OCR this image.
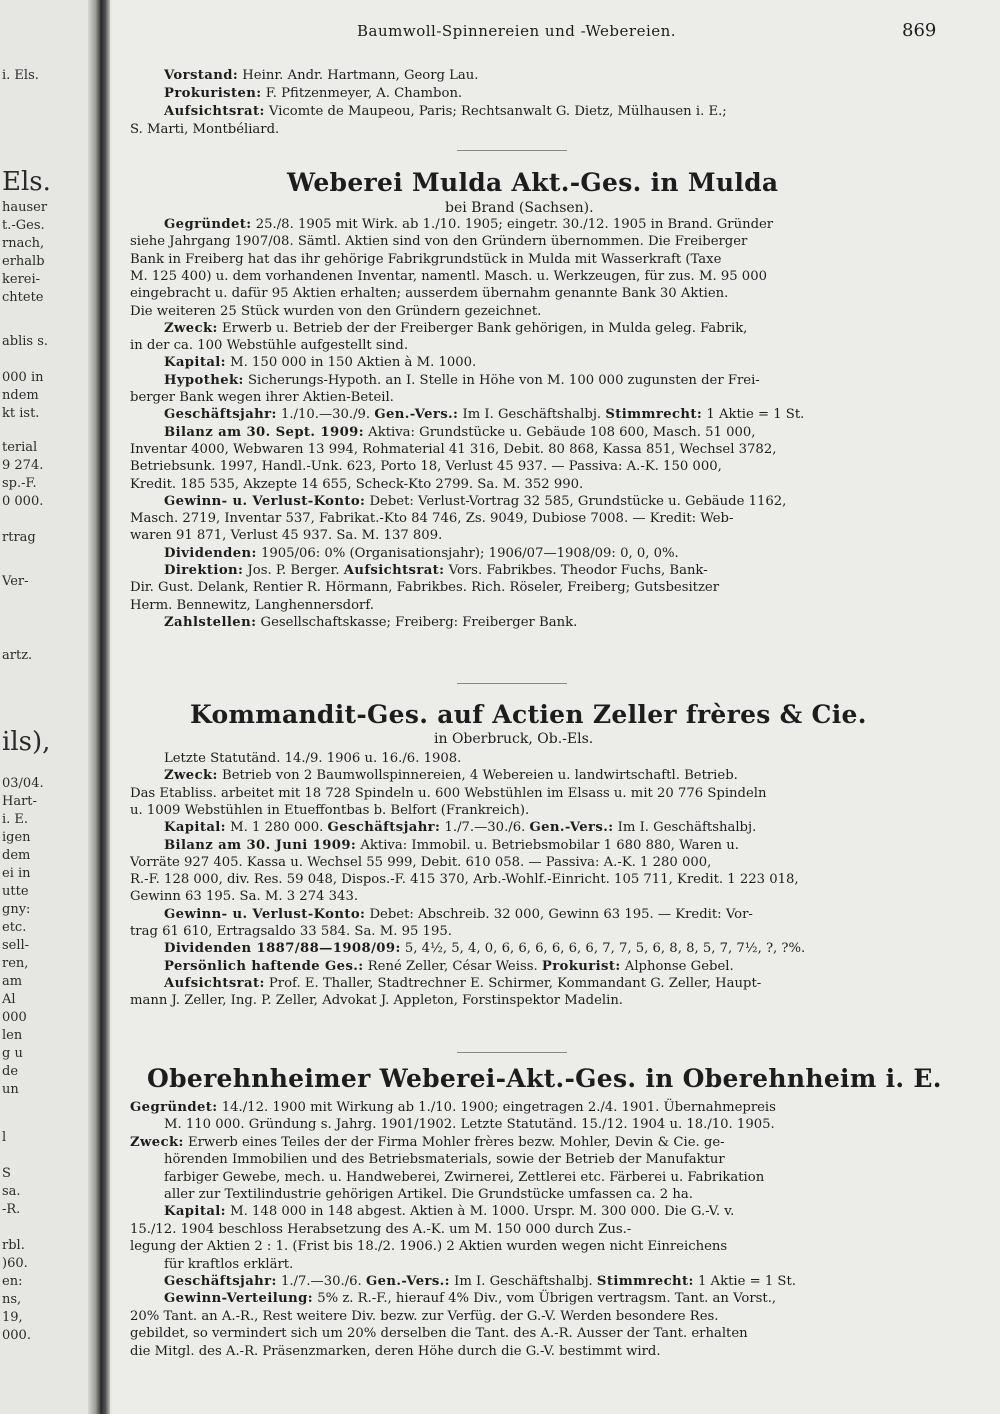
i. Els.
Els.
hauser
t.-Ges.
rnach,
erhalb
kerei-
chtete
ablis s.
000 in
ndem
kt ist.
terial
9 274.
sp.-F.
0 000.
rtrag
Ver-
artz.
ils),
03/04.
Hart-
i. E.
igen
dem
ei in
utte
gny:
etc.
sell-
ren,
am
Al
000
len
g u
de
un
l
S
sa.
-R.
rbl.
)60.
en:
ns,
19,
000.
Baumwoll-Spinnereien und -Webereien.	869
Vorstand: Heinr. Andr. Hartmann, Georg Lau.
Prokuristen: F. Pfitzenmeyer, A. Chambon.
Aufsichtsrat: Vicomte de Maupeou, Paris; Rechtsanwalt G. Dietz, Mülhausen i. E.;
S. Marti, Montbéliard.
Weberei Mulda Akt.-Ges. in Mulda
bei Brand (Sachsen).
Gegründet: 25./8. 1905 mit Wirk. ab 1./10. 1905; eingetr. 30./12. 1905 in Brand. Gründer
siehe Jahrgang 1907/08. Sämtl. Aktien sind von den Gründern übernommen. Die Freiberger
Bank in Freiberg hat das ihr gehörige Fabrikgrundstück in Mulda mit Wasserkraft (Taxe
M. 125 400) u. dem vorhandenen Inventar, namentl. Masch. u. Werkzeugen, für zus. M. 95 000
eingebracht u. dafür 95 Aktien erhalten; ausserdem übernahm genannte Bank 30 Aktien.
Die weiteren 25 Stück wurden von den Gründern gezeichnet.
Zweck: Erwerb u. Betrieb der der Freiberger Bank gehörigen, in Mulda geleg. Fabrik,
in der ca. 100 Webstühle aufgestellt sind.
Kapital: M. 150 000 in 150 Aktien à M. 1000.
Hypothek: Sicherungs-Hypoth. an I. Stelle in Höhe von M. 100 000 zugunsten der Frei-
berger Bank wegen ihrer Aktien-Beteil.
Geschäftsjahr: 1./10.—30./9. Gen.-Vers.: Im I. Geschäftshalbj. Stimmrecht: 1 Aktie = 1 St.
Bilanz am 30. Sept. 1909: Aktiva: Grundstücke u. Gebäude 108 600, Masch. 51 000,
Inventar 4000, Webwaren 13 994, Rohmaterial 41 316, Debit. 80 868, Kassa 851, Wechsel 3782,
Betriebsunk. 1997, Handl.-Unk. 623, Porto 18, Verlust 45 937. — Passiva: A.-K. 150 000,
Kredit. 185 535, Akzepte 14 655, Scheck-Kto 2799. Sa. M. 352 990.
Gewinn- u. Verlust-Konto: Debet: Verlust-Vortrag 32 585, Grundstücke u. Gebäude 1162,
Masch. 2719, Inventar 537, Fabrikat.-Kto 84 746, Zs. 9049, Dubiose 7008. — Kredit: Web-
waren 91 871, Verlust 45 937. Sa. M. 137 809.
Dividenden: 1905/06: 0% (Organisationsjahr); 1906/07—1908/09: 0, 0, 0%.
Direktion: Jos. P. Berger. Aufsichtsrat: Vors. Fabrikbes. Theodor Fuchs, Bank-
Dir. Gust. Delank, Rentier R. Hörmann, Fabrikbes. Rich. Röseler, Freiberg; Gutsbesitzer
Herm. Bennewitz, Langhennersdorf.
Zahlstellen: Gesellschaftskasse; Freiberg: Freiberger Bank.
Kommandit-Ges. auf Actien Zeller frères & Cie.
in Oberbruck, Ob.-Els.
Letzte Statutänd. 14./9. 1906 u. 16./6. 1908.
Zweck: Betrieb von 2 Baumwollspinnereien, 4 Webereien u. landwirtschaftl. Betrieb.
Das Etabliss. arbeitet mit 18 728 Spindeln u. 600 Webstühlen im Elsass u. mit 20 776 Spindeln
u. 1009 Webstühlen in Etueffontbas b. Belfort (Frankreich).
Kapital: M. 1 280 000. Geschäftsjahr: 1./7.—30./6. Gen.-Vers.: Im I. Geschäftshalbj.
Bilanz am 30. Juni 1909: Aktiva: Immobil. u. Betriebsmobilar 1 680 880, Waren u.
Vorräte 927 405. Kassa u. Wechsel 55 999, Debit. 610 058. — Passiva: A.-K. 1 280 000,
R.-F. 128 000, div. Res. 59 048, Dispos.-F. 415 370, Arb.-Wohlf.-Einricht. 105 711, Kredit. 1 223 018,
Gewinn 63 195. Sa. M. 3 274 343.
Gewinn- u. Verlust-Konto: Debet: Abschreib. 32 000, Gewinn 63 195. — Kredit: Vor-
trag 61 610, Ertragsaldo 33 584. Sa. M. 95 195.
Dividenden 1887/88—1908/09: 5, 4½, 5, 4, 0, 6, 6, 6, 6, 6, 6, 7, 7, 5, 6, 8, 8, 5, 7, 7½, ?, ?%.
Persönlich haftende Ges.: René Zeller, César Weiss. Prokurist: Alphonse Gebel.
Aufsichtsrat: Prof. E. Thaller, Stadtrechner E. Schirmer, Kommandant G. Zeller, Haupt-
mann J. Zeller, Ing. P. Zeller, Advokat J. Appleton, Forstinspektor Madelin.
Oberehnheimer Weberei-Akt.-Ges. in Oberehnheim i. E.
Gegründet: 14./12. 1900 mit Wirkung ab 1./10. 1900; eingetragen 2./4. 1901. Übernahmepreis
M. 110 000. Gründung s. Jahrg. 1901/1902. Letzte Statutänd. 15./12. 1904 u. 18./10. 1905.
Zweck: Erwerb eines Teiles der der Firma Mohler frères bezw. Mohler, Devin & Cie. ge-
hörenden Immobilien und des Betriebsmaterials, sowie der Betrieb der Manufaktur
farbiger Gewebe, mech. u. Handweberei, Zwirnerei, Zettlerei etc. Färberei u. Fabrikation
aller zur Textilindustrie gehörigen Artikel. Die Grundstücke umfassen ca. 2 ha.
Kapital: M. 148 000 in 148 abgest. Aktien à M. 1000. Urspr. M. 300 000. Die G.-V. v.
15./12. 1904 beschloss Herabsetzung des A.-K. um M. 150 000 durch Zus.-
legung der Aktien 2 : 1. (Frist bis 18./2. 1906.) 2 Aktien wurden wegen nicht Einreichens
für kraftlos erklärt.
Geschäftsjahr: 1./7.—30./6. Gen.-Vers.: Im I. Geschäftshalbj. Stimmrecht: 1 Aktie = 1 St.
Gewinn-Verteilung: 5% z. R.-F., hierauf 4% Div., vom Übrigen vertragsm. Tant. an Vorst.,
20% Tant. an A.-R., Rest weitere Div. bezw. zur Verfüg. der G.-V. Werden besondere Res.
gebildet, so vermindert sich um 20% derselben die Tant. des A.-R. Ausser der Tant. erhalten
die Mitgl. des A.-R. Präsenzmarken, deren Höhe durch die G.-V. bestimmt wird.
